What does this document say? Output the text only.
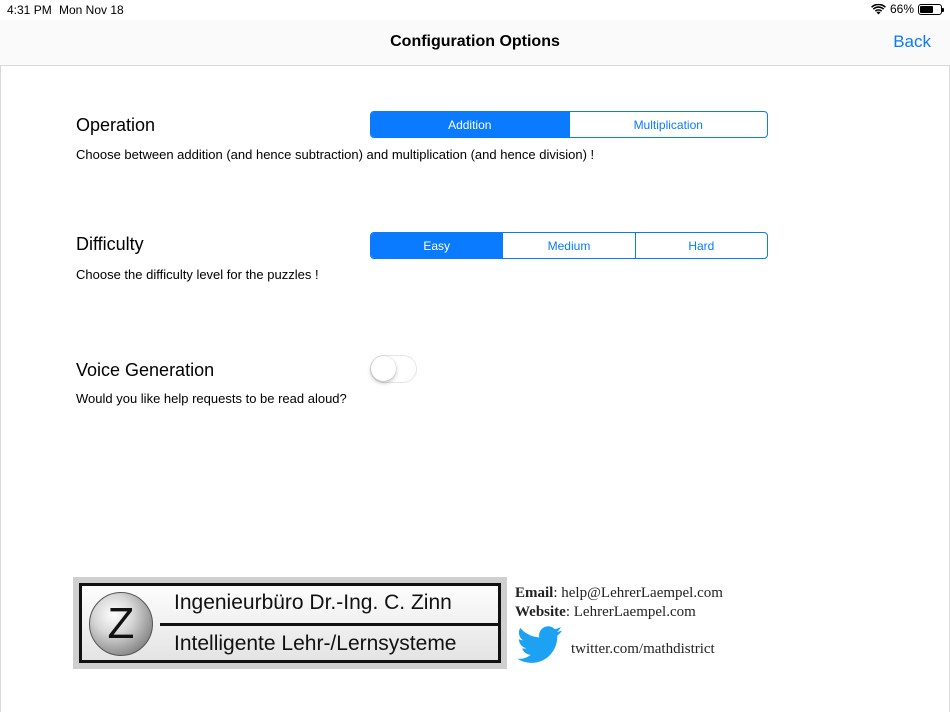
4:31 PM Mon Nov 18	66%
Configuration Options	Back
Operation	Addition	Multiplication
Choose between addition (and hence subtraction) and multiplication (and hence division) !
Difficulty	Easy	Medium	Hard
Choose the difficulty level for the puzzles !
Voice Generation
Would you like help requests to be read aloud?
Z	Ingenieurbüro Dr.-Ing. C. Zinn
Intelligente Lehr-/Lernsysteme
Email: help@LehrerLaempel.com
Website: LehrerLaempel.com
twitter.com/mathdistrict
